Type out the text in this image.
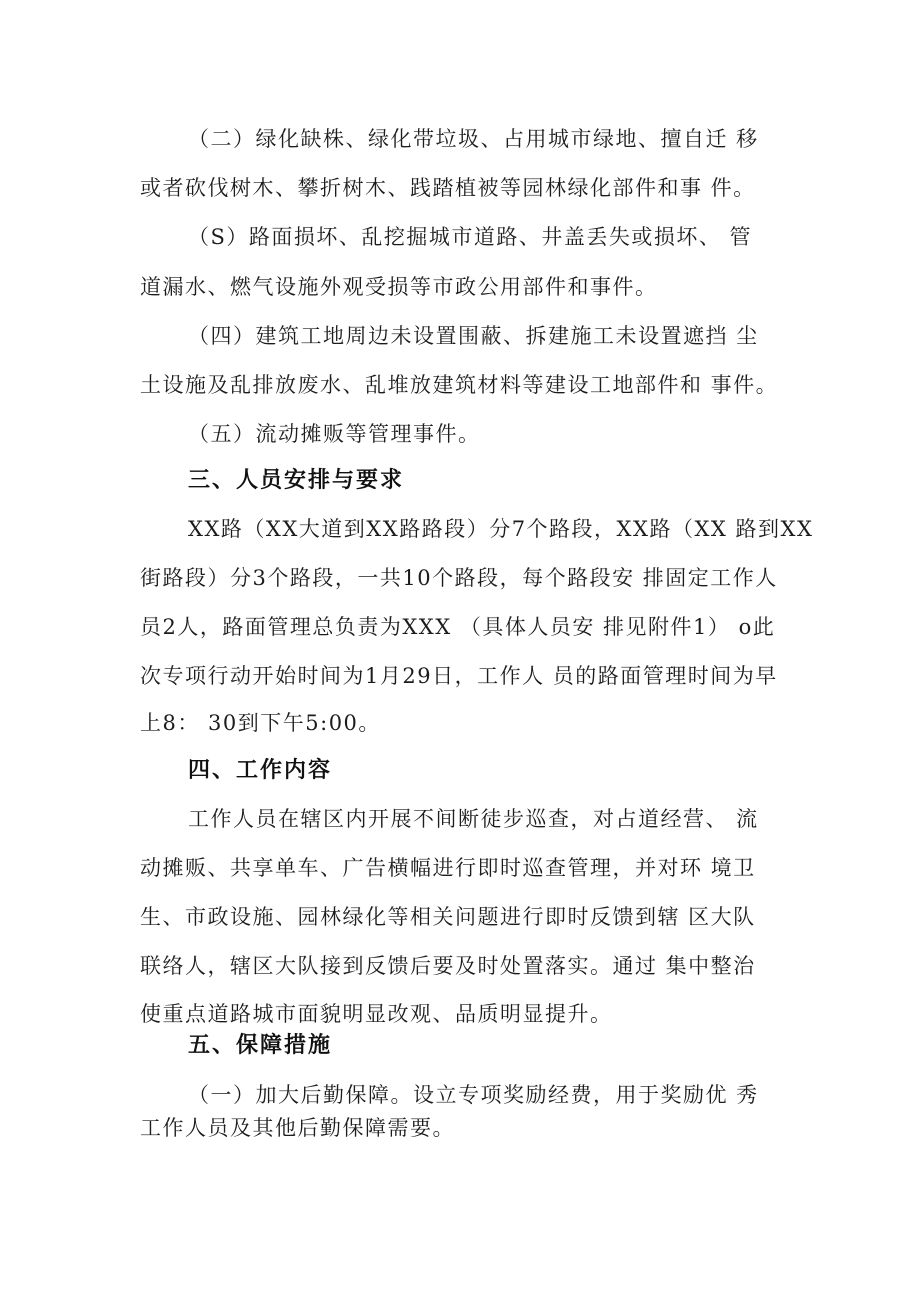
（二）绿化缺株、绿化带垃圾、占用城市绿地、擅自迁 移
或者砍伐树木、攀折树木、践踏植被等园林绿化部件和事 件。
（S）路面损坏、乱挖掘城市道路、井盖丢失或损坏、 管
道漏水、燃气设施外观受损等市政公用部件和事件。
（四）建筑工地周边未设置围蔽、拆建施工未设置遮挡 尘
土设施及乱排放废水、乱堆放建筑材料等建设工地部件和 事件。
（五）流动摊贩等管理事件。
三、人员安排与要求
XX路（XX大道到XX路路段）分7个路段，XX路（XX 路到XX
街路段）分3个路段，一共10个路段，每个路段安 排固定工作人
员2人，路面管理总负责为XXX （具体人员安 排见附件1） o此
次专项行动开始时间为1月29日，工作人 员的路面管理时间为早
上8： 30到下午5:00。
四、工作内容
工作人员在辖区内开展不间断徒步巡查，对占道经营、 流
动摊贩、共享单车、广告横幅进行即时巡查管理，并对环 境卫
生、市政设施、园林绿化等相关问题进行即时反馈到辖 区大队
联络人，辖区大队接到反馈后要及时处置落实。通过 集中整治
使重点道路城市面貌明显改观、品质明显提升。
五、保障措施
（一）加大后勤保障。设立专项奖励经费，用于奖励优 秀
工作人员及其他后勤保障需要。
